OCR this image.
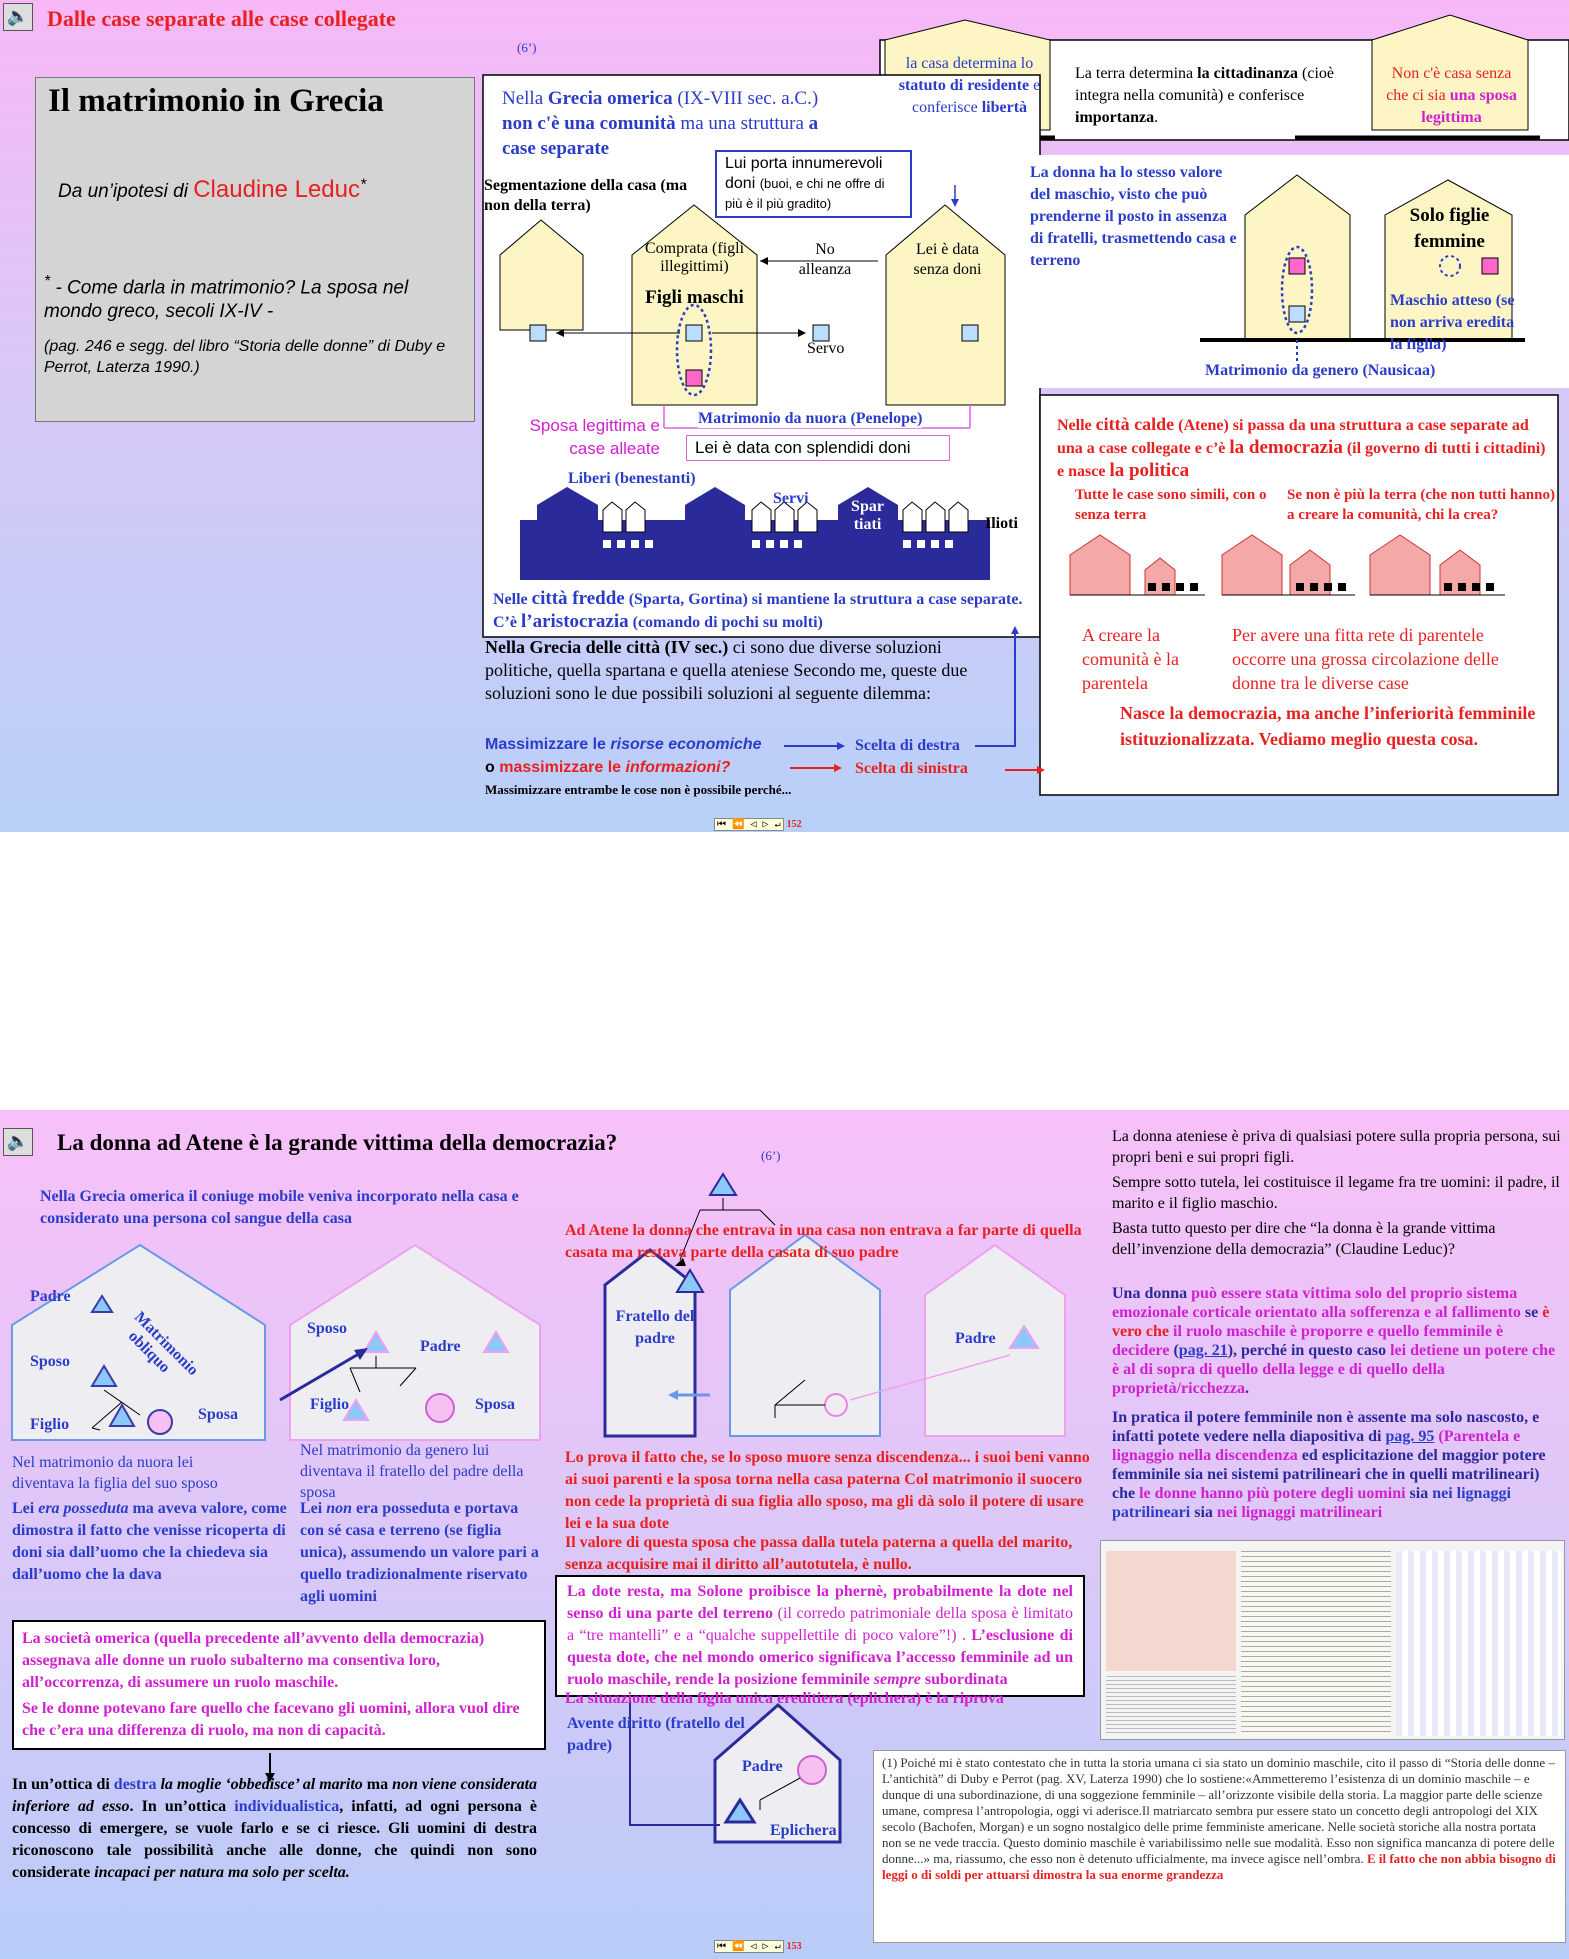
🔈 Dalle case separate alle case collegate
(6’)
Il matrimonio in Grecia
Da un’ipotesi di Claudine Leduc*
* - Come darla in matrimonio? La sposa nel mondo greco, secoli IX-IV -
(pag. 246 e segg. del libro “Storia delle donne” di Duby e Perrot, Laterza 1990.)
Nella Grecia omerica (IX-VIII sec. a.C.) non c'è una comunità ma una struttura a case separate
Lui porta innumerevoli doni (buoi, e chi ne offre di più è il più gradito)
Segmentazione della casa (ma non della terra)
Comprata (figli illegittimi)
No alleanza
Lei è data senza doni
Figli maschi
Servo
Sposa legittima e case alleate
Matrimonio da nuora (Penelope)
Lei è data con splendidi doni
Liberi (benestanti)
Servi	Spar tiati	Ilioti
Nelle città fredde (Sparta, Gortina) si mantiene la struttura a case separate. C’è l’aristocrazia (comando di pochi su molti)
la casa determina lo statuto di residente e conferisce libertà
La terra determina la cittadinanza (cioè integra nella comunità) e conferisce importanza.
Non c'è casa senza che ci sia una sposa legittima
La donna ha lo stesso valore del maschio, visto che può prenderne il posto in assenza di fratelli, trasmettendo casa e terreno
Solo figlie femmine
Maschio atteso (se non arriva eredita la figlia)
Matrimonio da genero (Nausicaa)
Nelle città calde (Atene) si passa da una struttura a case separate ad una a case collegate e c’è la democrazia (il governo di tutti i cittadini) e nasce la politica
Tutte le case sono simili, con o senza terra
Se non è più la terra (che non tutti hanno) a creare la comunità, chi la crea?
A creare la comunità è la parentela
Per avere una fitta rete di parentele occorre una grossa circolazione delle donne tra le diverse case
Nasce la democrazia, ma anche l’inferiorità femminile istituzionalizzata. Vediamo meglio questa cosa.
Nella Grecia delle città (IV sec.) ci sono due diverse soluzioni politiche, quella spartana e quella ateniese Secondo me, queste due soluzioni sono le due possibili soluzioni al seguente dilemma:
Massimizzare le risorse economiche
o massimizzare le informazioni?
Scelta di destra
Scelta di sinistra
Massimizzare entrambe le cose non è possibile perché...
⏮ ⏪ ◁ ▷ ↵ 152
🔈 La donna ad Atene è la grande vittima della democrazia?
(6’)
Nella Grecia omerica il coniuge mobile veniva incorporato nella casa e considerato una persona col sangue della casa
Padre
Sposo
Figlio
Sposa
Matrimonio obliquo	Sposo
Padre
Figlio	Sposa
Nel matrimonio da nuora lei diventava la figlia del suo sposo
Nel matrimonio da genero lui diventava il fratello del padre della sposa
Lei era posseduta ma aveva valore, come dimostra il fatto che venisse ricoperta di doni sia dall’uomo che la chiedeva sia dall’uomo che la dava
Lei non era posseduta e portava con sé casa e terreno (se figlia unica), assumendo un valore pari a quello tradizionalmente riservato agli uomini
La società omerica (quella precedente all’avvento della democrazia) assegnava alle donne un ruolo subalterno ma consentiva loro, all’occorrenza, di assumere un ruolo maschile.
Se le donne potevano fare quello che facevano gli uomini, allora vuol dire che c’era una differenza di ruolo, ma non di capacità.
In un’ottica di destra la moglie ‘obbedisce’ al marito ma non viene considerata inferiore ad esso. In un’ottica individualistica, infatti, ad ogni persona è concesso di emergere, se vuole farlo e se ci riesce. Gli uomini di destra riconoscono tale possibilità anche alle donne, che quindi non sono considerate incapaci per natura ma solo per scelta.
Ad Atene la donna che entrava in una casa non entrava a far parte di quella casata ma restava parte della casata di suo padre
Fratello del padre	Padre
Lo prova il fatto che, se lo sposo muore senza discendenza... i suoi beni vanno ai suoi parenti e la sposa torna nella casa paterna Col matrimonio il suocero non cede la proprietà di sua figlia allo sposo, ma gli dà solo il potere di usare lei e la sua dote
Il valore di questa sposa che passa dalla tutela paterna a quella del marito, senza acquisire mai il diritto all’autotutela, è nullo.
La dote resta, ma Solone proibisce la phernè, probabilmente la dote nel senso di una parte del terreno (il corredo patrimoniale della sposa è limitato a “tre mantelli” e a “qualche suppellettile di poco valore”!) . L’esclusione di questa dote, che nel mondo omerico significava l’accesso femminile ad un ruolo maschile, rende la posizione femminile sempre subordinata
La situazione della figlia unica ereditiera (eplichera) è la riprova
Avente diritto (fratello del padre)
Padre
Eplichera
La donna ateniese è priva di qualsiasi potere sulla propria persona, sui propri beni e sui propri figli.
Sempre sotto tutela, lei costituisce il legame fra tre uomini: il padre, il marito e il figlio maschio.
Basta tutto questo per dire che “la donna è la grande vittima dell’invenzione della democrazia” (Claudine Leduc)?
Una donna può essere stata vittima solo del proprio sistema emozionale corticale orientato alla sofferenza e al fallimento se è vero che il ruolo maschile è proporre e quello femminile è decidere (pag. 21), perché in questo caso lei detiene un potere che è al di sopra di quello della legge e di quello della proprietà/ricchezza.
In pratica il potere femminile non è assente ma solo nascosto, e infatti potete vedere nella diapositiva di pag. 95 (Parentela e lignaggio nella discendenza ed esplicitazione del maggior potere femminile sia nei sistemi patrilineari che in quelli matrilineari) che le donne hanno più potere degli uomini sia nei lignaggi patrilineari sia nei lignaggi matrilineari
(1) Poiché mi è stato contestato che in tutta la storia umana ci sia stato un dominio maschile, cito il passo di “Storia delle donne – L’antichità” di Duby e Perrot (pag. XV, Laterza 1990) che lo sostiene:«Ammetteremo l’esistenza di un dominio maschile – e dunque di una subordinazione, di una soggezione femminile – all’orizzonte visibile della storia. La maggior parte delle scienze umane, compresa l’antropologia, oggi vi aderisce.Il matriarcato sembra pur essere stato un concetto degli antropologi del XIX secolo (Bachofen, Morgan) e un sogno nostalgico delle prime femministe americane. Nelle società storiche alla nostra portata non se ne vede traccia. Questo dominio maschile è variabilissimo nelle sue modalità. Esso non significa mancanza di potere delle donne...» ma, riassumo, che esso non è detenuto ufficialmente, ma invece agisce nell’ombra. E il fatto che non abbia bisogno di leggi o di soldi per attuarsi dimostra la sua enorme grandezza
⏮ ⏪ ◁ ▷ ↵ 153
